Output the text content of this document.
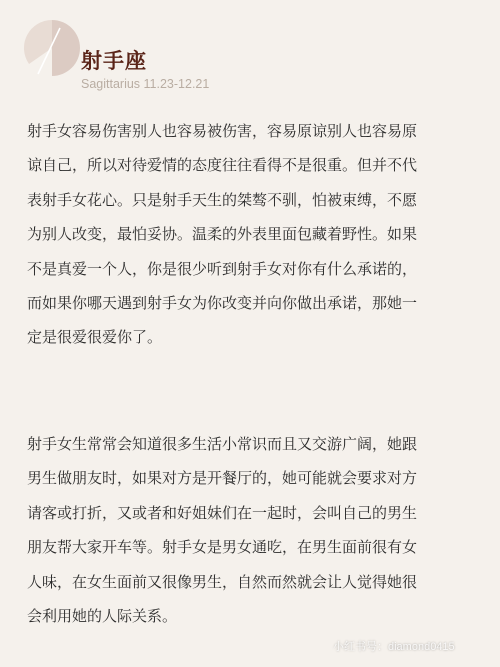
射手座
Sagittarius 11.23-12.21
射手女容易伤害别人也容易被伤害，容易原谅别人也容易原
谅自己，所以对待爱情的态度往往看得不是很重。但并不代
表射手女花心。只是射手天生的桀骜不驯，怕被束缚，不愿
为别人改变，最怕妥协。温柔的外表里面包藏着野性。如果
不是真爱一个人，你是很少听到射手女对你有什么承诺的，
而如果你哪天遇到射手女为你改变并向你做出承诺，那她一
定是很爱很爱你了。
射手女生常常会知道很多生活小常识而且又交游广阔，她跟
男生做朋友时，如果对方是开餐厅的，她可能就会要求对方
请客或打折，又或者和好姐妹们在一起时，会叫自己的男生
朋友帮大家开车等。射手女是男女通吃，在男生面前很有女
人味，在女生面前又很像男生，自然而然就会让人觉得她很
会利用她的人际关系。
小红书号：diamond0415
